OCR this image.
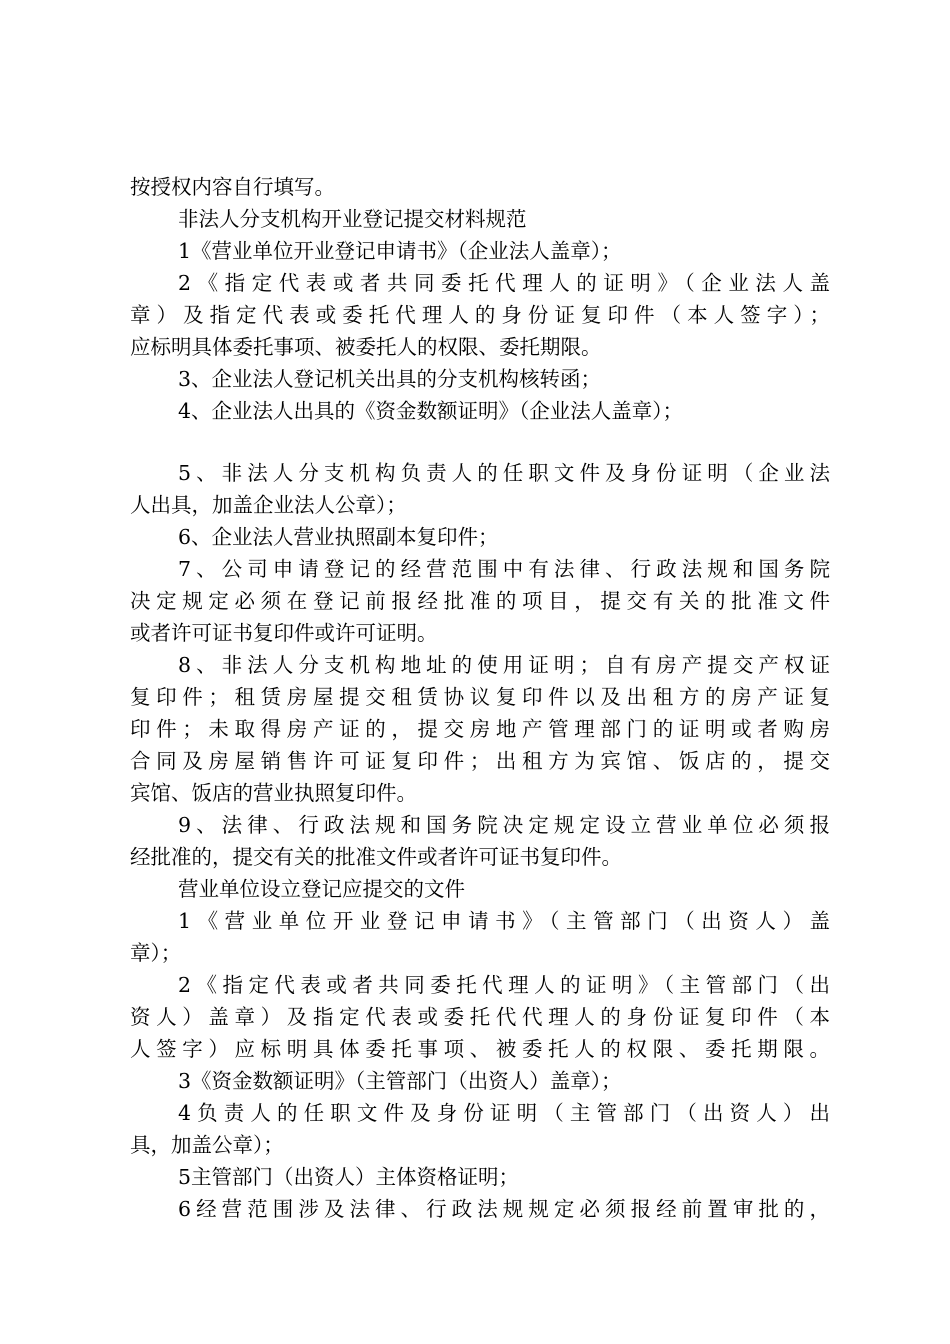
按授权内容自行填写。
非法人分支机构开业登记提交材料规范
1《营业单位开业登记申请书》（企业法人盖章）；
2《指定代表或者共同委托代理人的证明》（企业法人盖
章）及指定代表或委托代理人的身份证复印件（本人签字）；
应标明具体委托事项、被委托人的权限、委托期限。
3、企业法人登记机关出具的分支机构核转函；
4、企业法人出具的《资金数额证明》（企业法人盖章）；
5、非法人分支机构负责人的任职文件及身份证明（企业法
人出具，加盖企业法人公章）；
6、企业法人营业执照副本复印件；
7、公司申请登记的经营范围中有法律、行政法规和国务院
决定规定必须在登记前报经批准的项目，提交有关的批准文件
或者许可证书复印件或许可证明。
8、非法人分支机构地址的使用证明；自有房产提交产权证
复印件；租赁房屋提交租赁协议复印件以及出租方的房产证复
印件；未取得房产证的，提交房地产管理部门的证明或者购房
合同及房屋销售许可证复印件；出租方为宾馆、饭店的，提交
宾馆、饭店的营业执照复印件。
9、法律、行政法规和国务院决定规定设立营业单位必须报
经批准的，提交有关的批准文件或者许可证书复印件。
营业单位设立登记应提交的文件
1《营业单位开业登记申请书》（主管部门（出资人）盖
章）；
2《指定代表或者共同委托代理人的证明》（主管部门（出
资人）盖章）及指定代表或委托代代理人的身份证复印件（本
人签字）应标明具体委托事项、被委托人的权限、委托期限。
3《资金数额证明》（主管部门（出资人）盖章）；
4负责人的任职文件及身份证明（主管部门（出资人）出
具，加盖公章）；
5主管部门（出资人）主体资格证明；
6经营范围涉及法律、行政法规规定必须报经前置审批的，
